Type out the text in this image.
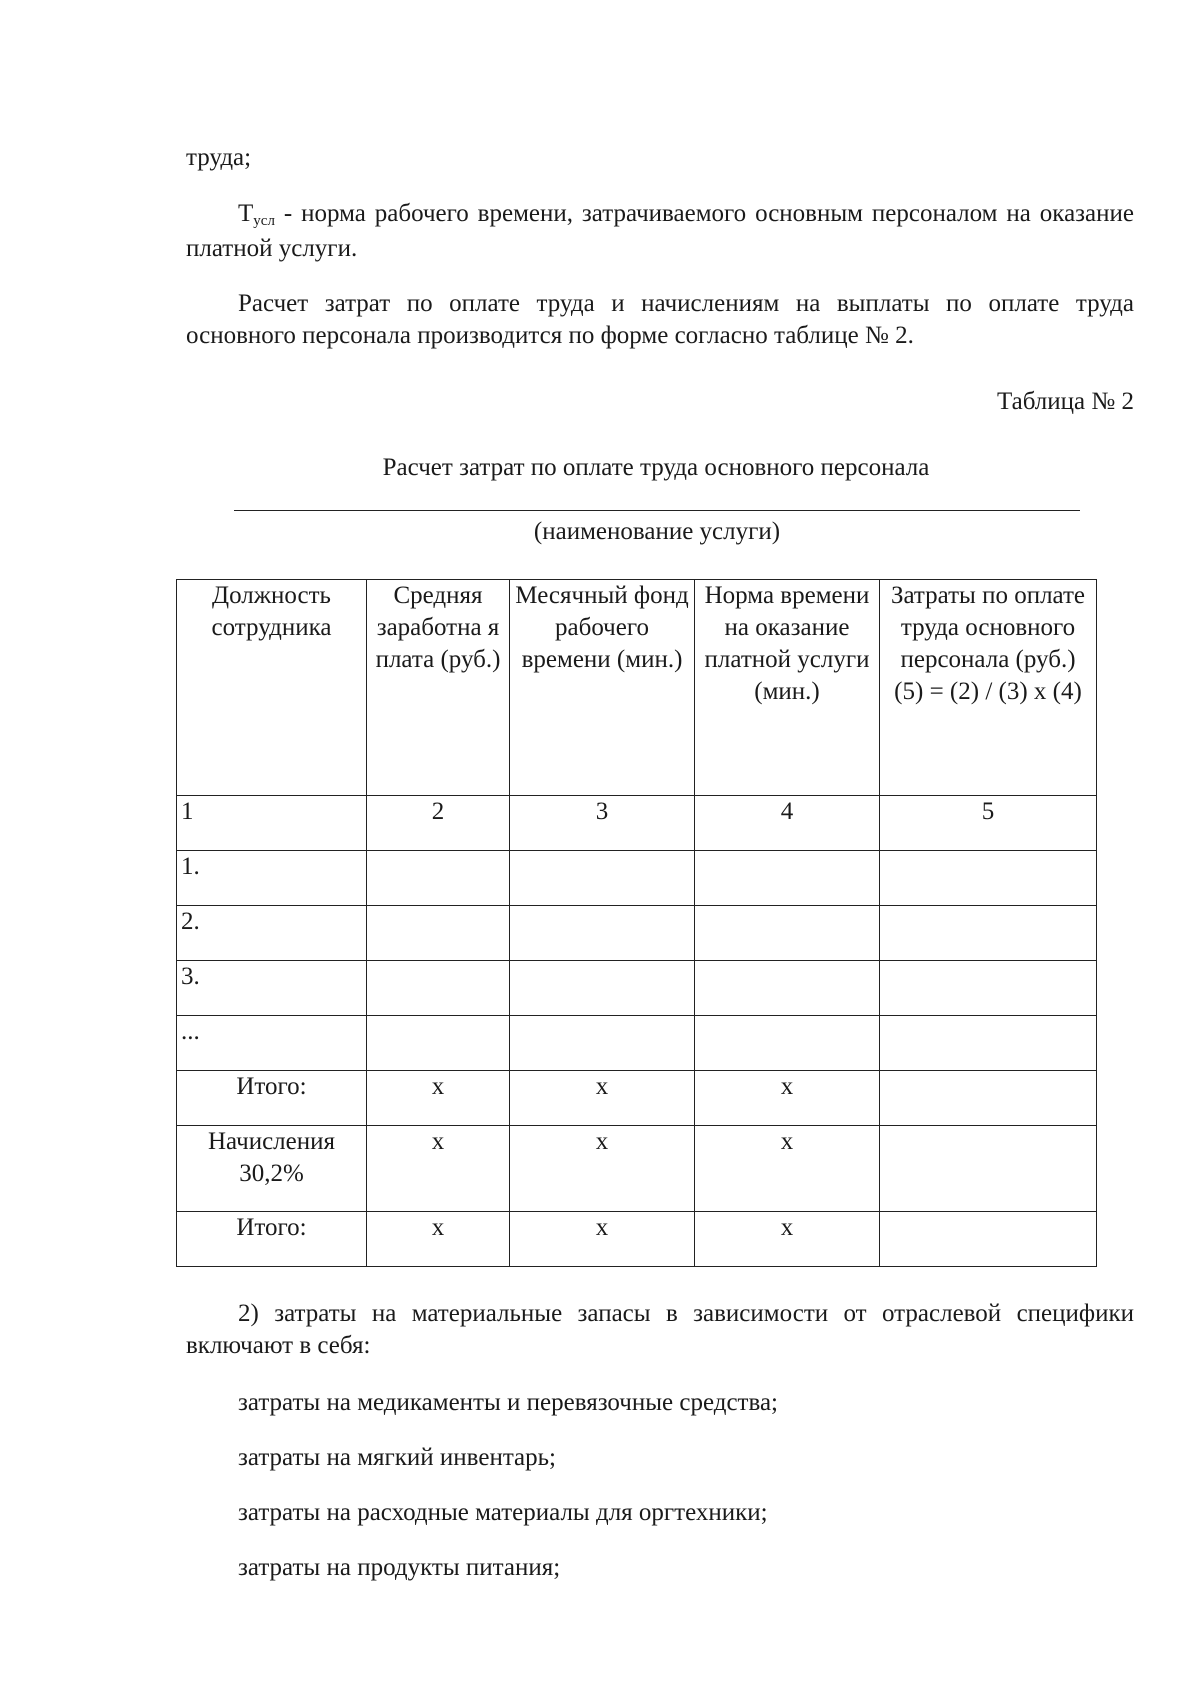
труда;

Тусл - норма рабочего времени, затрачиваемого основным персоналом на оказание платной услуги.

Расчет затрат по оплате труда и начислениям на выплаты по оплате труда основного персонала производится по форме согласно таблице № 2.

Таблица № 2

Расчет затрат по оплате труда основного персонала

(наименование услуги)

Должность сотрудника	Средняя заработна я плата (руб.)	Месячный фонд рабочего времени (мин.)	Норма времени на оказание платной услуги (мин.)	Затраты по оплате труда основного персонала (руб.) (5) = (2) / (3) х (4)
1	2	3	4	5
1.				
2.				
3.				
...				
Итого:	x	x	x	
Начисления 30,2%	x	x	x	
Итого:	x	x	x	

2) затраты на материальные запасы в зависимости от отраслевой специфики включают в себя:

затраты на медикаменты и перевязочные средства;

затраты на мягкий инвентарь;

затраты на расходные материалы для оргтехники;

затраты на продукты питания;
